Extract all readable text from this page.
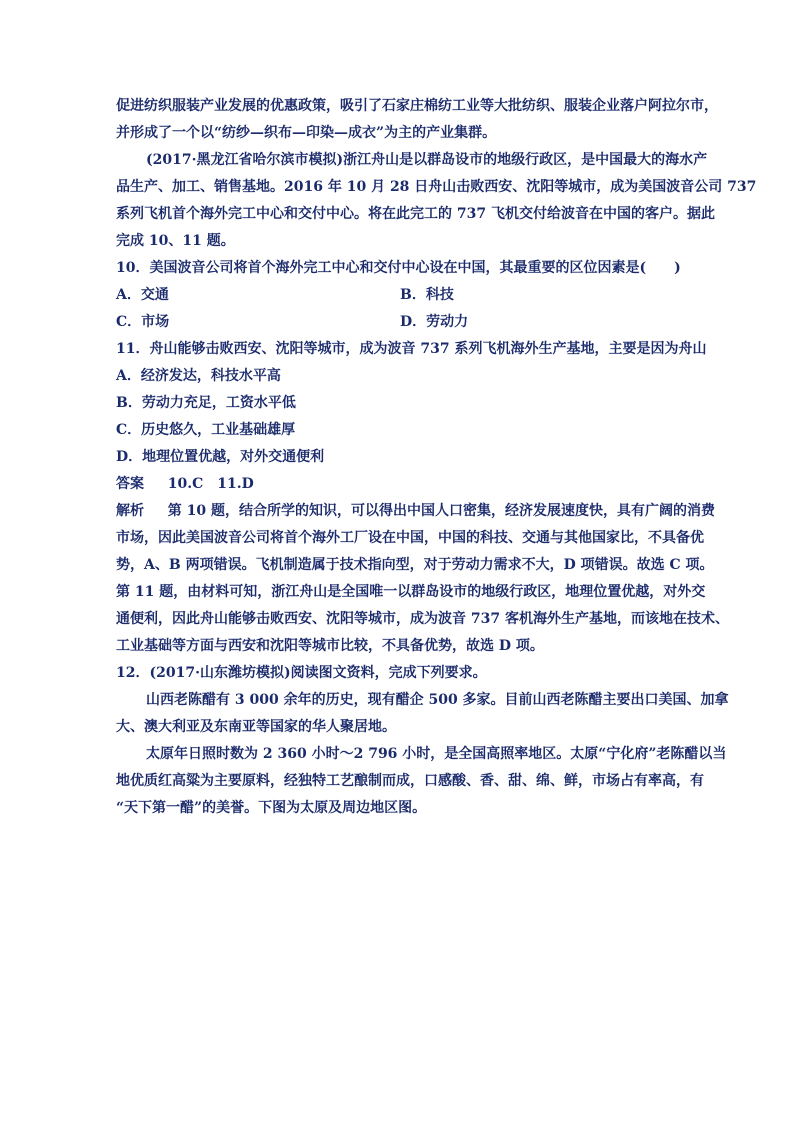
促进纺织服装产业发展的优惠政策，吸引了石家庄棉纺工业等大批纺织、服装企业落户阿拉尔市，
并形成了一个以“纺纱—织布—印染—成衣”为主的产业集群。
(2017·黑龙江省哈尔滨市模拟)浙江舟山是以群岛设市的地级行政区，是中国最大的海水产
品生产、加工、销售基地。2016 年 10 月 28 日舟山击败西安、沈阳等城市，成为美国波音公司 737
系列飞机首个海外完工中心和交付中心。将在此完工的 737 飞机交付给波音在中国的客户。据此
完成 10、11 题。
10．美国波音公司将首个海外完工中心和交付中心设在中国，其最重要的区位因素是(　　)
A．交通	B．科技
C．市场	D．劳动力
11．舟山能够击败西安、沈阳等城市，成为波音 737 系列飞机海外生产基地，主要是因为舟山
A．经济发达，科技水平高
B．劳动力充足，工资水平低
C．历史悠久，工业基础雄厚
D．地理位置优越，对外交通便利
答案 10.C　11.D
解析 第 10 题，结合所学的知识，可以得出中国人口密集，经济发展速度快，具有广阔的消费
市场，因此美国波音公司将首个海外工厂设在中国，中国的科技、交通与其他国家比，不具备优
势，A、B 两项错误。飞机制造属于技术指向型，对于劳动力需求不大，D 项错误。故选 C 项。
第 11 题，由材料可知，浙江舟山是全国唯一以群岛设市的地级行政区，地理位置优越，对外交
通便利，因此舟山能够击败西安、沈阳等城市，成为波音 737 客机海外生产基地，而该地在技术、
工业基础等方面与西安和沈阳等城市比较，不具备优势，故选 D 项。
12．(2017·山东潍坊模拟)阅读图文资料，完成下列要求。
山西老陈醋有 3 000 余年的历史，现有醋企 500 多家。目前山西老陈醋主要出口美国、加拿
大、澳大利亚及东南亚等国家的华人聚居地。
太原年日照时数为 2 360 小时～2 796 小时，是全国高照率地区。太原“宁化府”老陈醋以当
地优质红高粱为主要原料，经独特工艺酿制而成，口感酸、香、甜、绵、鲜，市场占有率高，有
“天下第一醋”的美誉。下图为太原及周边地区图。
